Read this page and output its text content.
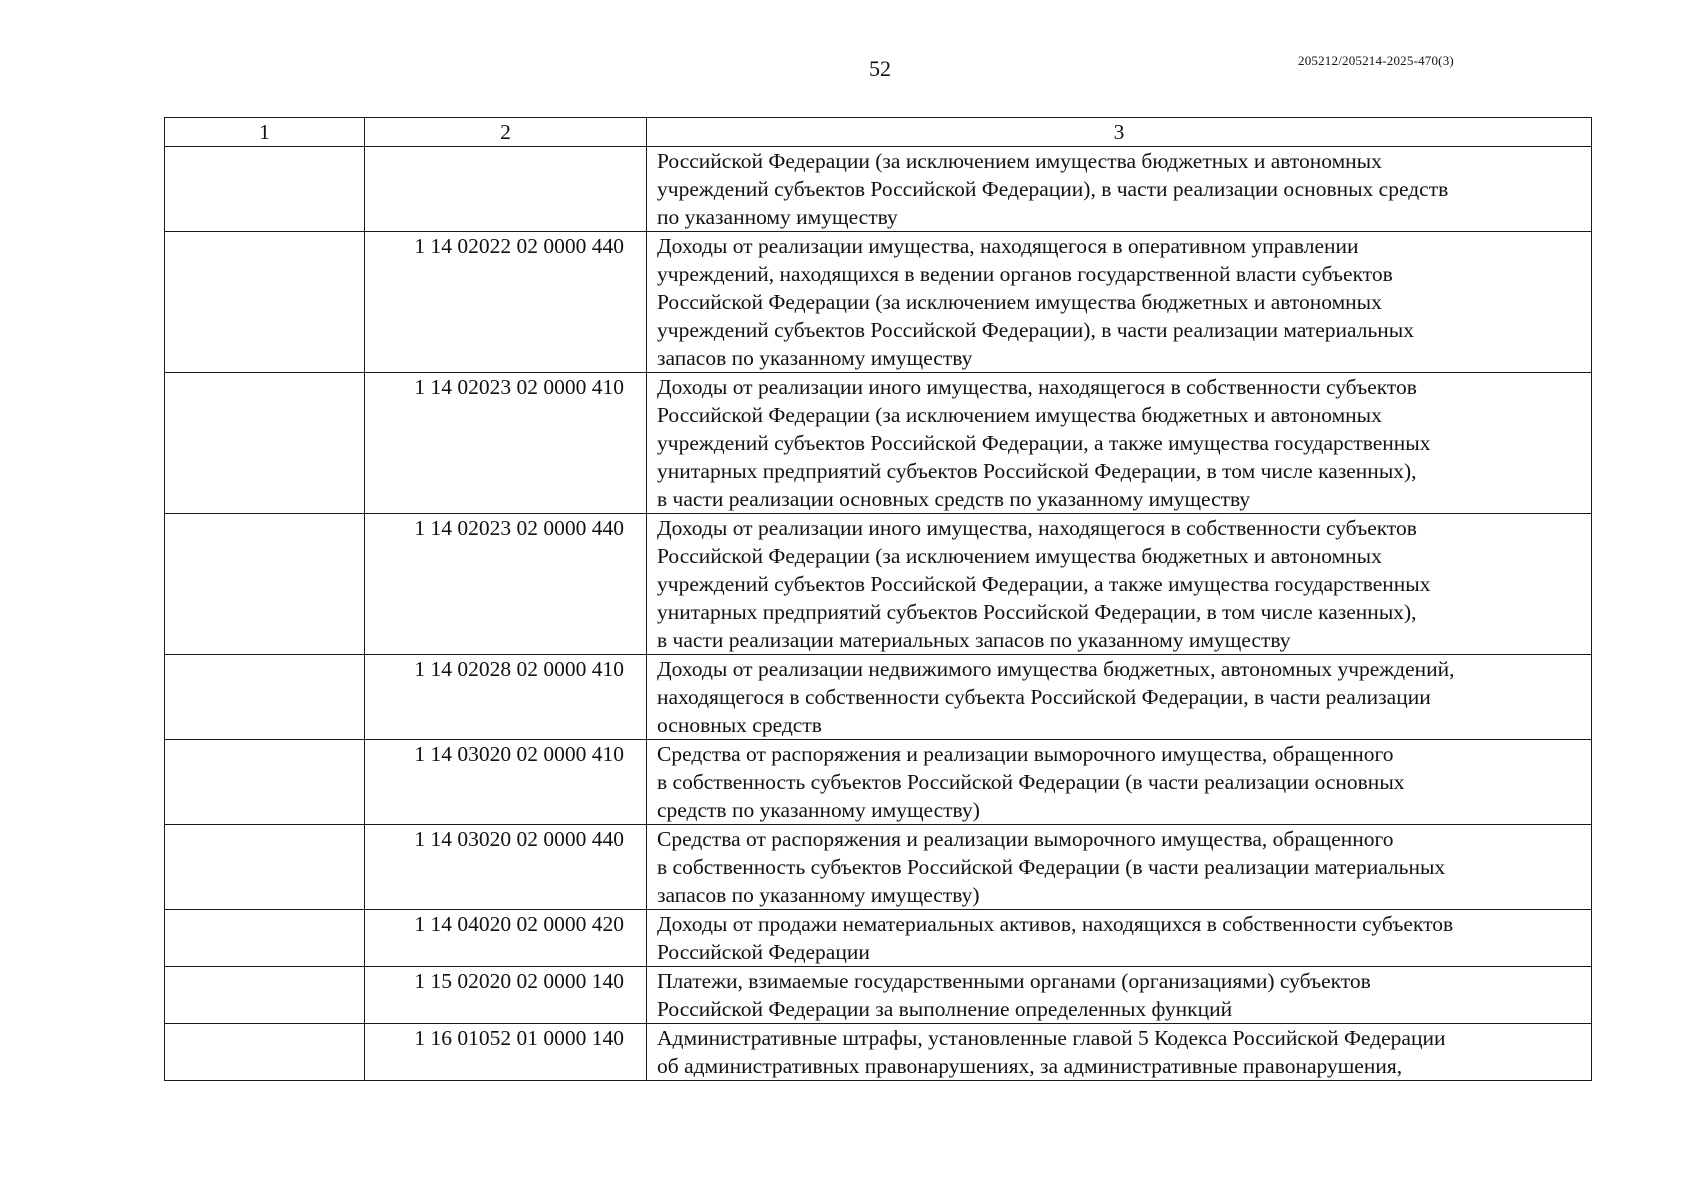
52	205212/205214-2025-470(3)
1	2	3

		Российской Федерации (за исключением имущества бюджетных и автономных
учреждений субъектов Российской Федерации), в части реализации основных средств
по указанному имуществу

	1 14 02022 02 0000 440	Доходы от реализации имущества, находящегося в оперативном управлении
учреждений, находящихся в ведении органов государственной власти субъектов
Российской Федерации (за исключением имущества бюджетных и автономных
учреждений субъектов Российской Федерации), в части реализации материальных
запасов по указанному имуществу

	1 14 02023 02 0000 410	Доходы от реализации иного имущества, находящегося в собственности субъектов
Российской Федерации (за исключением имущества бюджетных и автономных
учреждений субъектов Российской Федерации, а также имущества государственных
унитарных предприятий субъектов Российской Федерации, в том числе казенных),
в части реализации основных средств по указанному имуществу

	1 14 02023 02 0000 440	Доходы от реализации иного имущества, находящегося в собственности субъектов
Российской Федерации (за исключением имущества бюджетных и автономных
учреждений субъектов Российской Федерации, а также имущества государственных
унитарных предприятий субъектов Российской Федерации, в том числе казенных),
в части реализации материальных запасов по указанному имуществу

	1 14 02028 02 0000 410	Доходы от реализации недвижимого имущества бюджетных, автономных учреждений,
находящегося в собственности субъекта Российской Федерации, в части реализации
основных средств

	1 14 03020 02 0000 410	Средства от распоряжения и реализации выморочного имущества, обращенного
в собственность субъектов Российской Федерации (в части реализации основных
средств по указанному имуществу)

	1 14 03020 02 0000 440	Средства от распоряжения и реализации выморочного имущества, обращенного
в собственность субъектов Российской Федерации (в части реализации материальных
запасов по указанному имуществу)

	1 14 04020 02 0000 420	Доходы от продажи нематериальных активов, находящихся в собственности субъектов
Российской Федерации

	1 15 02020 02 0000 140	Платежи, взимаемые государственными органами (организациями) субъектов
Российской Федерации за выполнение определенных функций

	1 16 01052 01 0000 140	Административные штрафы, установленные главой 5 Кодекса Российской Федерации
об административных правонарушениях, за административные правонарушения,
